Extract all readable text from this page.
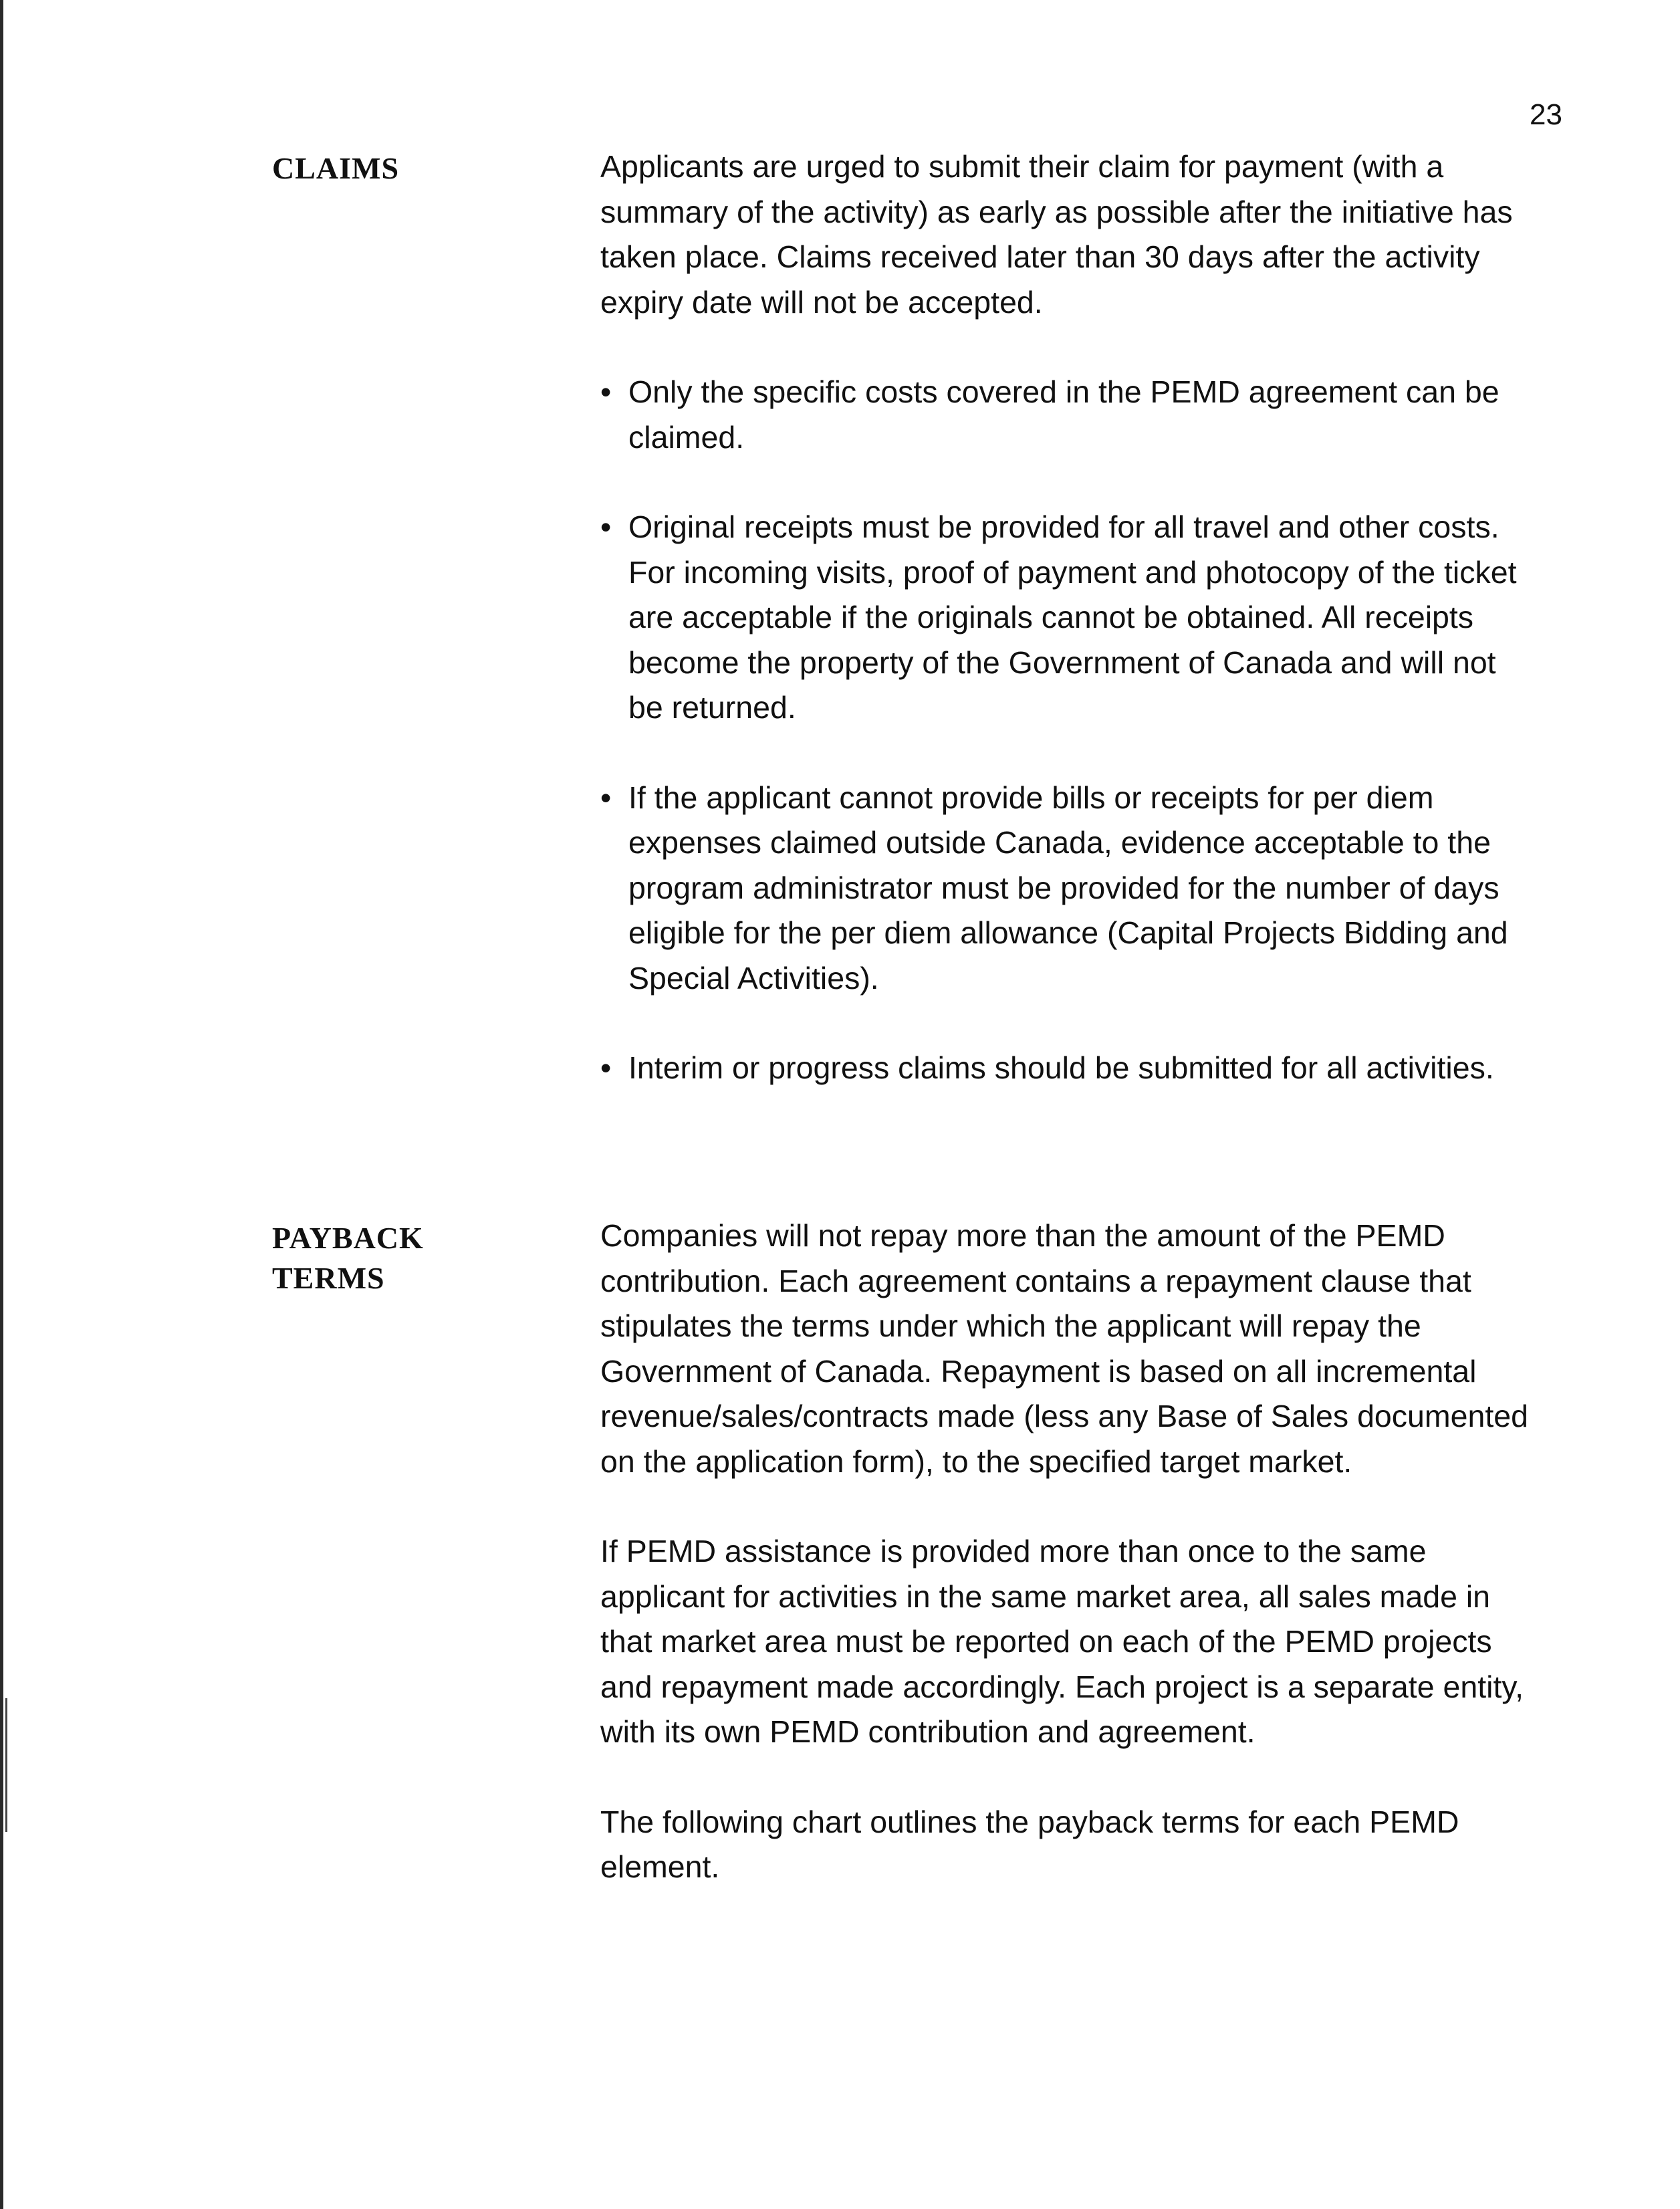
23

CLAIMS	Applicants are urged to submit their claim for payment (with a summary of the activity) as early as possible after the initiative has taken place. Claims received later than 30 days after the activity expiry date will not be accepted.

• Only the specific costs covered in the PEMD agreement can be claimed.
• Original receipts must be provided for all travel and other costs. For incoming visits, proof of payment and photocopy of the ticket are acceptable if the originals cannot be obtained. All receipts become the property of the Government of Canada and will not be returned.
• If the applicant cannot provide bills or receipts for per diem expenses claimed outside Canada, evidence acceptable to the program administrator must be provided for the number of days eligible for the per diem allowance (Capital Projects Bidding and Special Activities).
• Interim or progress claims should be submitted for all activities.
PAYBACK
TERMS

Companies will not repay more than the amount of the PEMD contribution. Each agreement contains a repayment clause that stipulates the terms under which the applicant will repay the Government of Canada. Repayment is based on all incremental revenue/sales/contracts made (less any Base of Sales documented on the application form), to the specified target market.

If PEMD assistance is provided more than once to the same applicant for activities in the same market area, all sales made in that market area must be reported on each of the PEMD projects and repayment made accordingly. Each project is a separate entity, with its own PEMD contribution and agreement.

The following chart outlines the payback terms for each PEMD element.
